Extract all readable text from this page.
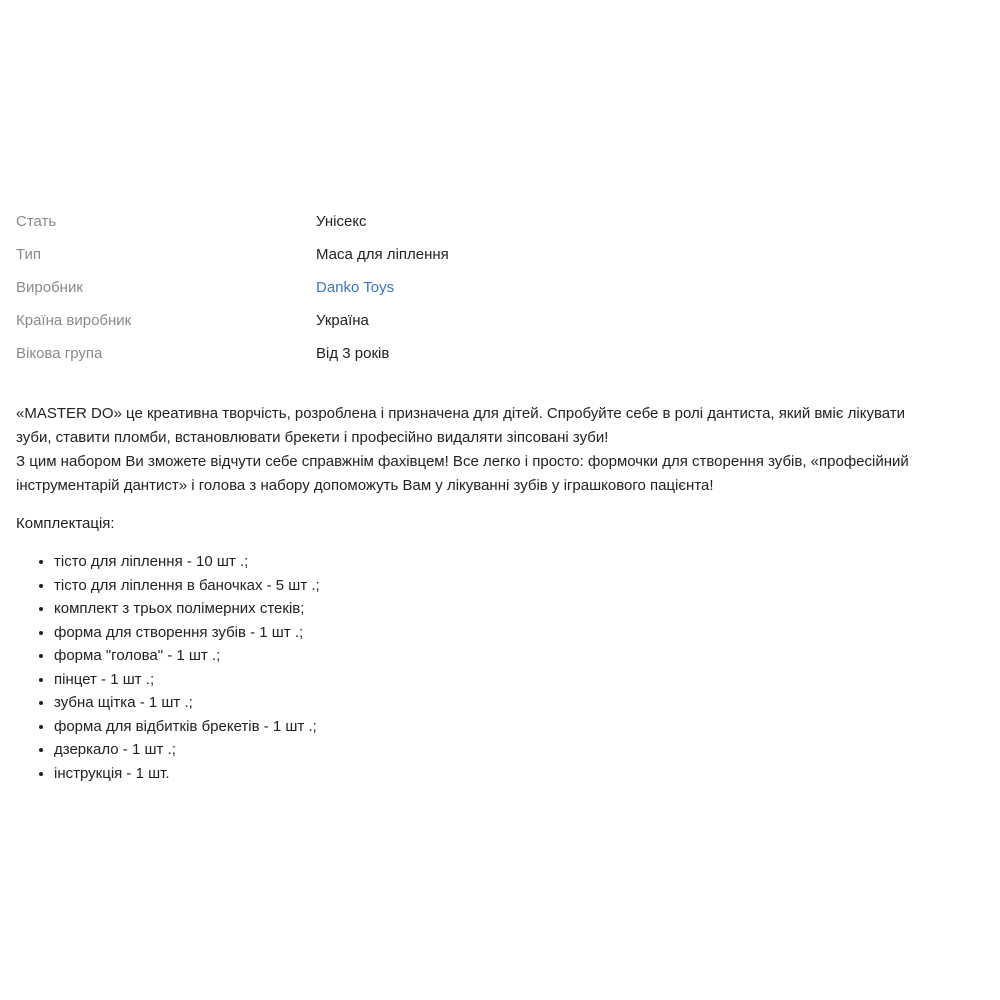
Стать	Унісекс
Тип	Маса для ліплення
Виробник	Danko Toys
Країна виробник	Україна
Вікова група	Від 3 років

«MASTER DO» це креативна творчість, розроблена і призначена для дітей. Спробуйте себе в ролі дантиста, який вміє лікувати
зуби, ставити пломби, встановлювати брекети і професійно видаляти зіпсовані зуби!
З цим набором Ви зможете відчути себе справжнім фахівцем! Все легко і просто: формочки для створення зубів, «професійний
інструментарій дантист» і голова з набору допоможуть Вам у лікуванні зубів у іграшкового пацієнта!

Комплектація:

тісто для ліплення - 10 шт .;
тісто для ліплення в баночках - 5 шт .;
комплект з трьох полімерних стеків;
форма для створення зубів - 1 шт .;
форма "голова" - 1 шт .;
пінцет - 1 шт .;
зубна щітка - 1 шт .;
форма для відбитків брекетів - 1 шт .;
дзеркало - 1 шт .;
інструкція - 1 шт.
